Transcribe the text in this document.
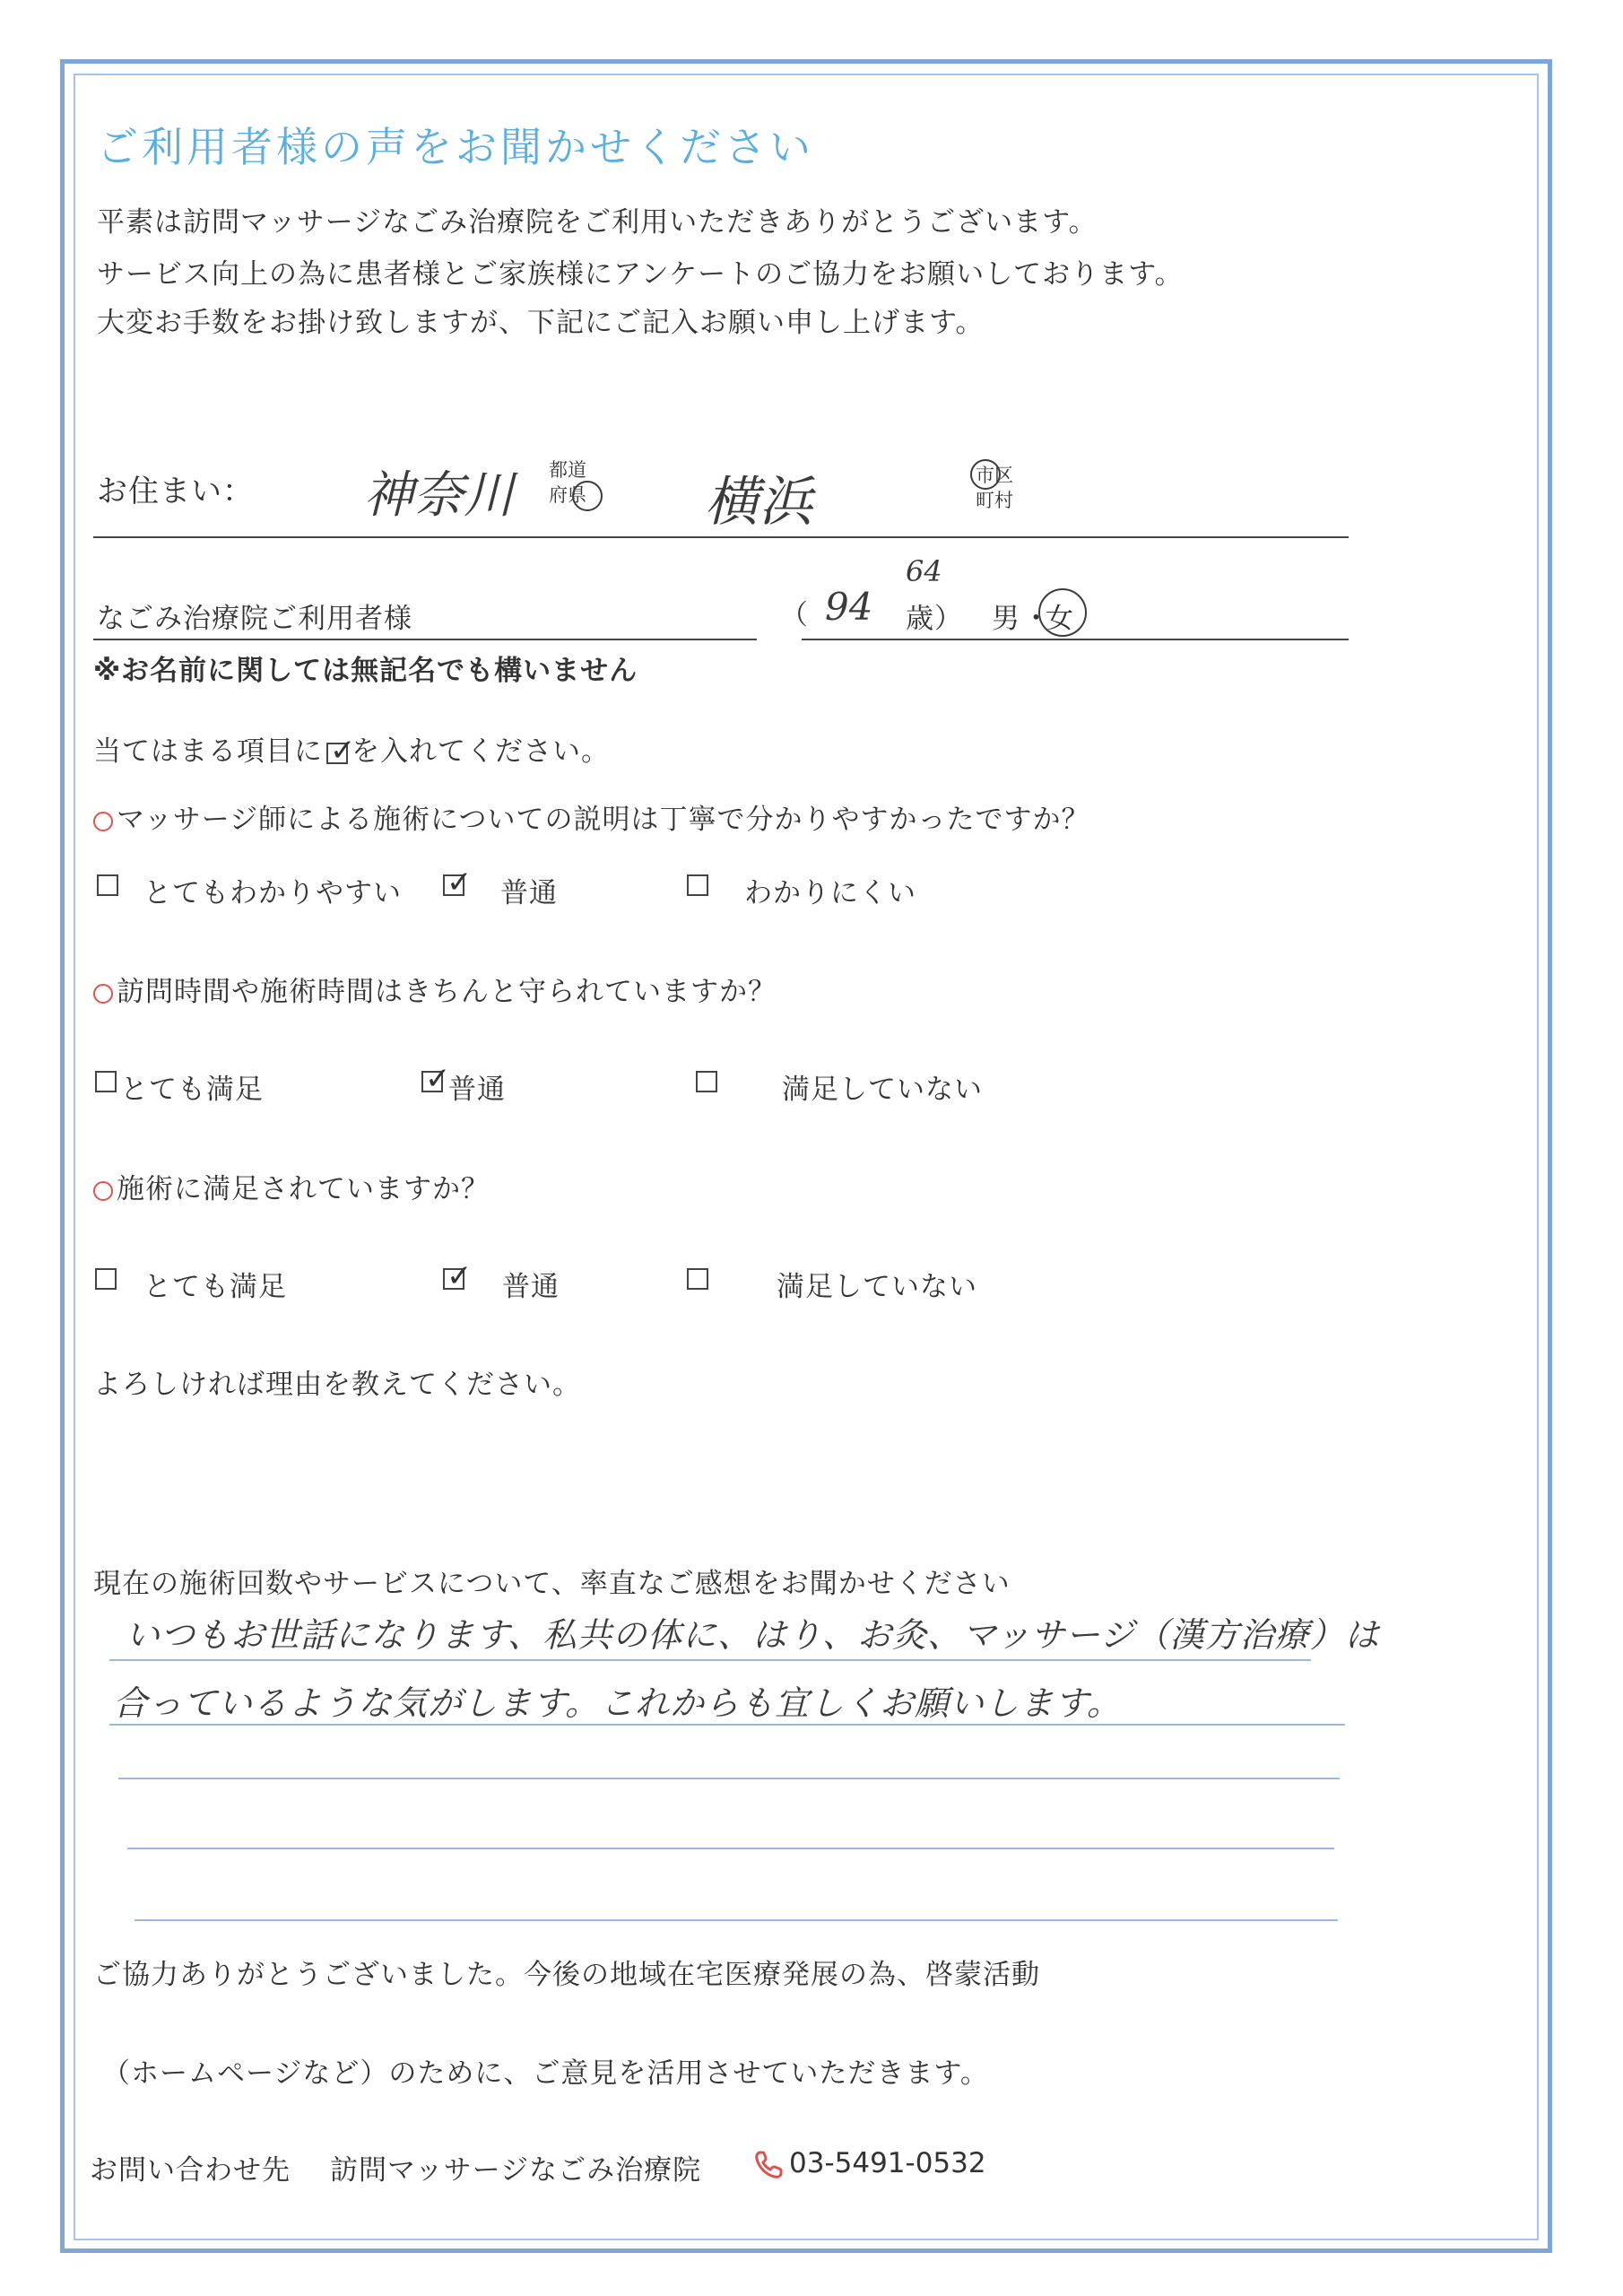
ご利用者様の声をお聞かせください
平素は訪問マッサージなごみ治療院をご利用いただきありがとうございます。
サービス向上の為に患者様とご家族様にアンケートのご協力をお願いしております。
大変お手数をお掛け致しますが、下記にご記入お願い申し上げます。
お住まい： 神奈川 都道
府県 横浜	市区
町村
なごみ治療院ご利用者様	（ 94
64
歳） 男 ・
女
※お名前に関しては無記名でも構いません
当てはまる項目に ✓
を入れてください。
マッサージ師による施術についての説明は丁寧で分かりやすかったですか？
とてもわかりやすい ✓ 普通	わかりにくい
訪問時間や施術時間はきちんと守られていますか？
とても満足	✓
普通	満足していない
施術に満足されていますか？
とても満足	✓ 普通	満足していない
よろしければ理由を教えてください。
現在の施術回数やサービスについて、率直なご感想をお聞かせください
いつもお世話になります、私共の体に、はり、お灸、マッサージ（漢方治療）は
合っているような気がします。これからも宜しくお願いします。
ご協力ありがとうございました。今後の地域在宅医療発展の為、啓蒙活動
（ホームページなど）のために、ご意見を活用させていただきます。
お問い合わせ先 訪問マッサージなごみ治療院	03-5491-0532
